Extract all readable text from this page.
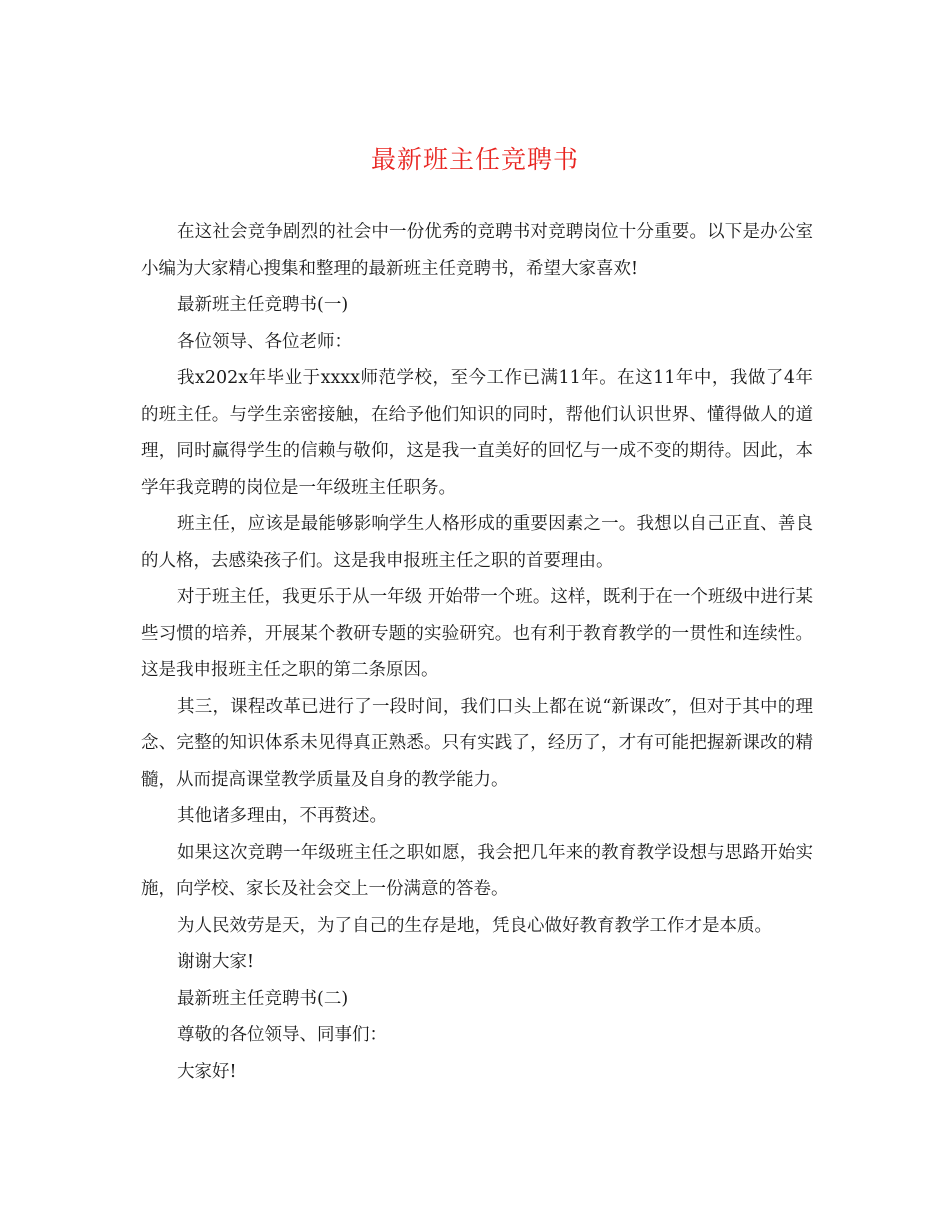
最新班主任竞聘书

在这社会竞争剧烈的社会中一份优秀的竞聘书对竞聘岗位十分重要。以下是办公室小编为大家精心搜集和整理的最新班主任竞聘书，希望大家喜欢!

最新班主任竞聘书(一)

各位领导、各位老师：

我x202x年毕业于xxxx师范学校，至今工作已满11年。在这11年中，我做了4年的班主任。与学生亲密接触，在给予他们知识的同时，帮他们认识世界、懂得做人的道理，同时赢得学生的信赖与敬仰，这是我一直美好的回忆与一成不变的期待。因此，本学年我竞聘的岗位是一年级班主任职务。

班主任，应该是最能够影响学生人格形成的重要因素之一。我想以自己正直、善良的人格，去感染孩子们。这是我申报班主任之职的首要理由。

对于班主任，我更乐于从一年级 开始带一个班。这样，既利于在一个班级中进行某些习惯的培养，开展某个教研专题的实验研究。也有利于教育教学的一贯性和连续性。这是我申报班主任之职的第二条原因。

其三，课程改革已进行了一段时间，我们口头上都在说“新课改″，但对于其中的理念、完整的知识体系未见得真正熟悉。只有实践了，经历了，才有可能把握新课改的精髓，从而提高课堂教学质量及自身的教学能力。

其他诸多理由，不再赘述。

如果这次竞聘一年级班主任之职如愿，我会把几年来的教育教学设想与思路开始实施，向学校、家长及社会交上一份满意的答卷。

为人民效劳是天，为了自己的生存是地，凭良心做好教育教学工作才是本质。

谢谢大家!

最新班主任竞聘书(二)

尊敬的各位领导、同事们：

大家好!
